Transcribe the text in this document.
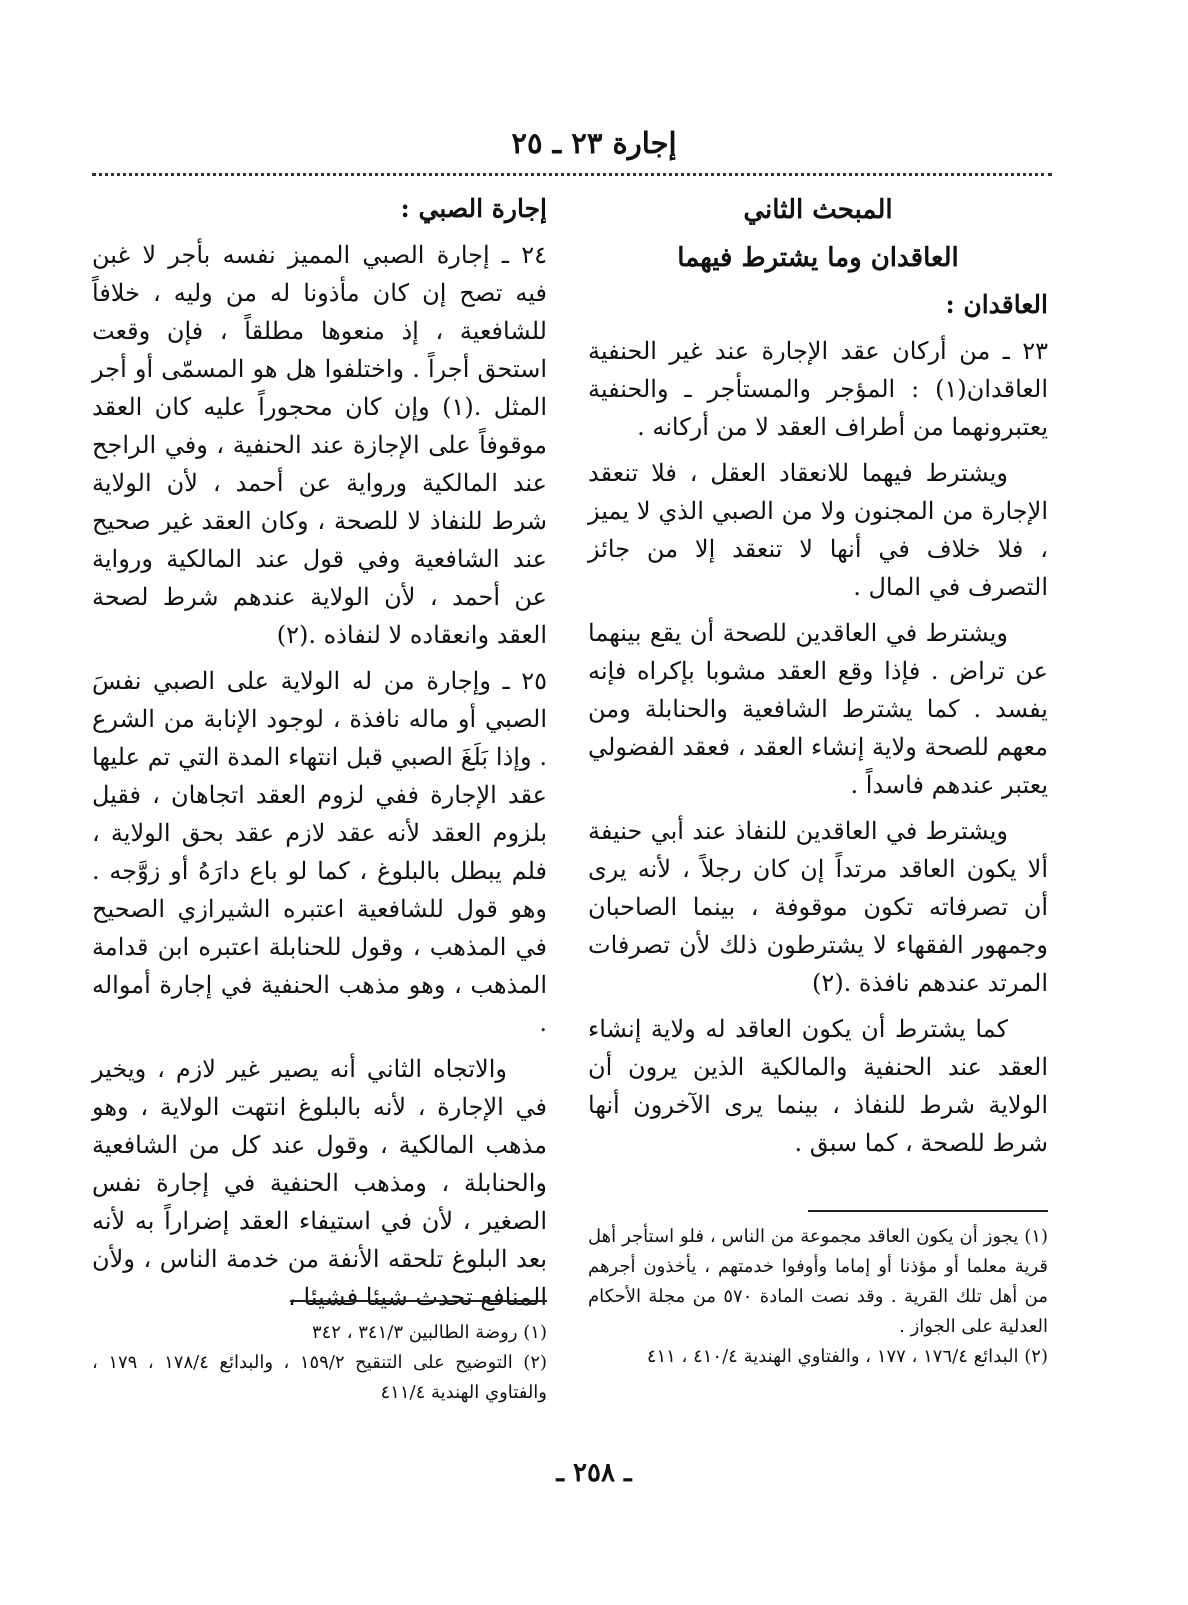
إجارة ٢٣ ـ ٢٥

المبحث الثاني

العاقدان وما يشترط فيهما

العاقدان :

٢٣ ـ من أركان عقد الإجارة عند غير الحنفية العاقدان(١) : المؤجر والمستأجر ـ والحنفية يعتبرونهما من أطراف العقد لا من أركانه .

ويشترط فيهما للانعقاد العقل ، فلا تنعقد الإجارة من المجنون ولا من الصبي الذي لا يميز ، فلا خلاف في أنها لا تنعقد إلا من جائز التصرف في المال .

ويشترط في العاقدين للصحة أن يقع بينهما عن تراض . فإذا وقع العقد مشوبا بإكراه فإنه يفسد . كما يشترط الشافعية والحنابلة ومن معهم للصحة ولاية إنشاء العقد ، فعقد الفضولي يعتبر عندهم فاسداً .

ويشترط في العاقدين للنفاذ عند أبي حنيفة ألا يكون العاقد مرتداً إن كان رجلاً ، لأنه يرى أن تصرفاته تكون موقوفة ، بينما الصاحبان وجمهور الفقهاء لا يشترطون ذلك لأن تصرفات المرتد عندهم نافذة .(٢)

كما يشترط أن يكون العاقد له ولاية إنشاء العقد عند الحنفية والمالكية الذين يرون أن الولاية شرط للنفاذ ، بينما يرى الآخرون أنها شرط للصحة ، كما سبق .

(١) يجوز أن يكون العاقد مجموعة من الناس ، فلو استأجر أهل قرية معلما أو مؤذنا أو إماما وأوفوا خدمتهم ، يأخذون أجرهم من أهل تلك القرية . وقد نصت المادة ٥٧٠ من مجلة الأحكام العدلية على الجواز .

(٢) البدائع ١٧٦/٤ ، ١٧٧ ، والفتاوي الهندية ٤١٠/٤ ، ٤١١

إجارة الصبي :

٢٤ ـ إجارة الصبي المميز نفسه بأجر لا غبن فيه تصح إن كان مأذونا له من وليه ، خلافاً للشافعية ، إذ منعوها مطلقاً ، فإن وقعت استحق أجراً . واختلفوا هل هو المسمّى أو أجر المثل .(١) وإن كان محجوراً عليه كان العقد موقوفاً على الإجازة عند الحنفية ، وفي الراجح عند المالكية ورواية عن أحمد ، لأن الولاية شرط للنفاذ لا للصحة ، وكان العقد غير صحيح عند الشافعية وفي قول عند المالكية ورواية عن أحمد ، لأن الولاية عندهم شرط لصحة العقد وانعقاده لا لنفاذه .(٢)

٢٥ ـ وإجارة من له الولاية على الصبي نفسَ الصبي أو ماله نافذة ، لوجود الإنابة من الشرع . وإذا بَلَغَ الصبي قبل انتهاء المدة التي تم عليها عقد الإجارة ففي لزوم العقد اتجاهان ، فقيل بلزوم العقد لأنه عقد لازم عقد بحق الولاية ، فلم يبطل بالبلوغ ، كما لو باع دارَهُ أو زوَّجه . وهو قول للشافعية اعتبره الشيرازي الصحيح في المذهب ، وقول للحنابلة اعتبره ابن قدامة المذهب ، وهو مذهب الحنفية في إجارة أمواله .

والاتجاه الثاني أنه يصير غير لازم ، ويخير في الإجارة ، لأنه بالبلوغ انتهت الولاية ، وهو مذهب المالكية ، وقول عند كل من الشافعية والحنابلة ، ومذهب الحنفية في إجارة نفس الصغير ، لأن في استيفاء العقد إضراراً به لأنه بعد البلوغ تلحقه الأنفة من خدمة الناس ، ولأن المنافع تحدث شيئا فشيئا ،

(١) روضة الطالبين ٣٤١/٣ ، ٣٤٢

(٢) التوضيح على التنقيح ١٥٩/٢ ، والبدائع ١٧٨/٤ ، ١٧٩ ، والفتاوي الهندية ٤١١/٤

ـ ٢٥٨ ـ
